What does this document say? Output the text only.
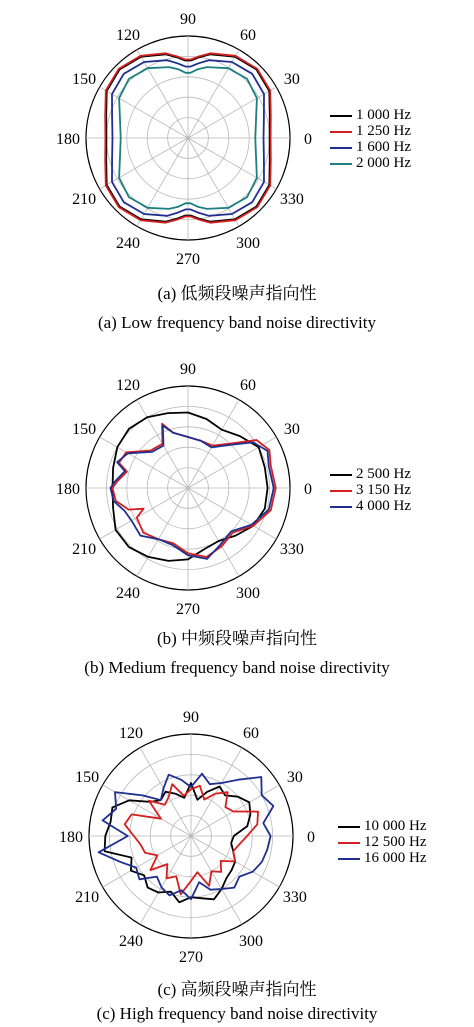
0
30
60
90
120
150
180
210
240
270
300
330
1 000 Hz
1 250 Hz
1 600 Hz
2 000 Hz
(a) 低频段噪声指向性
(a) Low frequency band noise directivity
0
30
60
90
120
150
180
210
240
270
300
330
2 500 Hz
3 150 Hz
4 000 Hz
(b) 中频段噪声指向性
(b) Medium frequency band noise directivity
0
30
60
90
120
150
180
210
240
270
300
330
10 000 Hz
12 500 Hz
16 000 Hz
(c) 高频段噪声指向性
(c) High frequency band noise directivity
